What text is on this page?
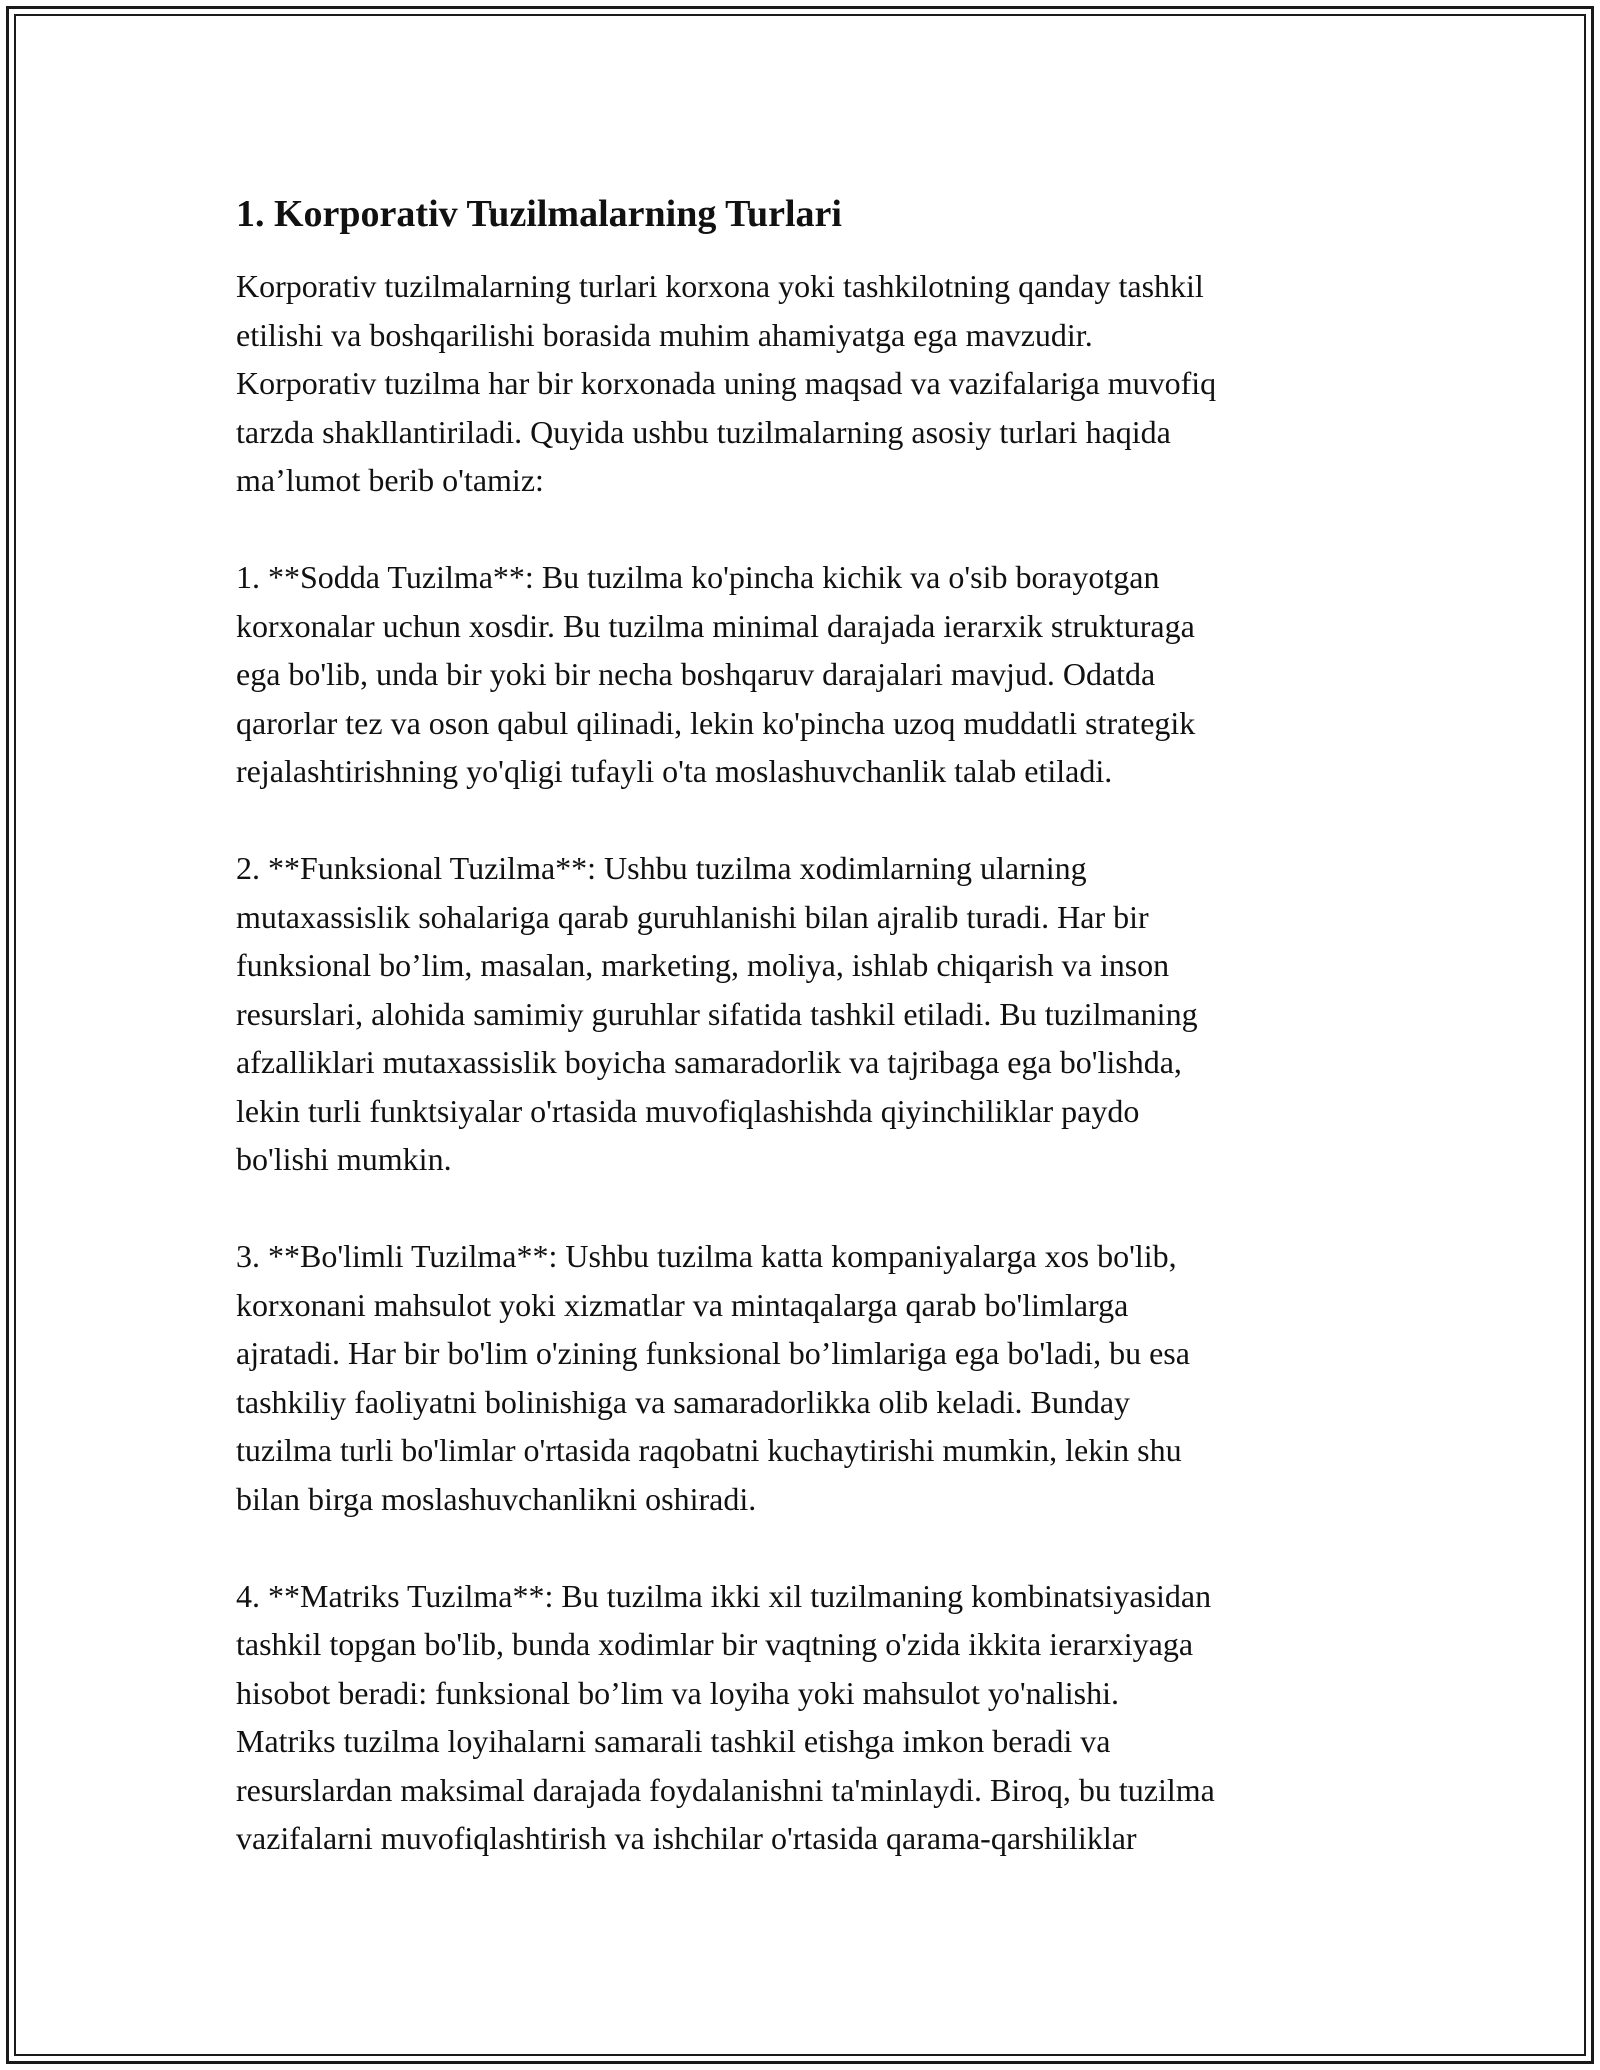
1. Korporativ Tuzilmalarning Turlari

Korporativ tuzilmalarning turlari korxona yoki tashkilotning qanday tashkil
etilishi va boshqarilishi borasida muhim ahamiyatga ega mavzudir.
Korporativ tuzilma har bir korxonada uning maqsad va vazifalariga muvofiq
tarzda shakllantiriladi. Quyida ushbu tuzilmalarning asosiy turlari haqida
ma’lumot berib o'tamiz:

1. **Sodda Tuzilma**: Bu tuzilma ko'pincha kichik va o'sib borayotgan
korxonalar uchun xosdir. Bu tuzilma minimal darajada ierarxik strukturaga
ega bo'lib, unda bir yoki bir necha boshqaruv darajalari mavjud. Odatda
qarorlar tez va oson qabul qilinadi, lekin ko'pincha uzoq muddatli strategik
rejalashtirishning yo'qligi tufayli o'ta moslashuvchanlik talab etiladi.

2. **Funksional Tuzilma**: Ushbu tuzilma xodimlarning ularning
mutaxassislik sohalariga qarab guruhlanishi bilan ajralib turadi. Har bir
funksional bo’lim, masalan, marketing, moliya, ishlab chiqarish va inson
resurslari, alohida samimiy guruhlar sifatida tashkil etiladi. Bu tuzilmaning
afzalliklari mutaxassislik boyicha samaradorlik va tajribaga ega bo'lishda,
lekin turli funktsiyalar o'rtasida muvofiqlashishda qiyinchiliklar paydo
bo'lishi mumkin.

3. **Bo'limli Tuzilma**: Ushbu tuzilma katta kompaniyalarga xos bo'lib,
korxonani mahsulot yoki xizmatlar va mintaqalarga qarab bo'limlarga
ajratadi. Har bir bo'lim o'zining funksional bo’limlariga ega bo'ladi, bu esa
tashkiliy faoliyatni bolinishiga va samaradorlikka olib keladi. Bunday
tuzilma turli bo'limlar o'rtasida raqobatni kuchaytirishi mumkin, lekin shu
bilan birga moslashuvchanlikni oshiradi.

4. **Matriks Tuzilma**: Bu tuzilma ikki xil tuzilmaning kombinatsiyasidan
tashkil topgan bo'lib, bunda xodimlar bir vaqtning o'zida ikkita ierarxiyaga
hisobot beradi: funksional bo’lim va loyiha yoki mahsulot yo'nalishi.
Matriks tuzilma loyihalarni samarali tashkil etishga imkon beradi va
resurslardan maksimal darajada foydalanishni ta'minlaydi. Biroq, bu tuzilma
vazifalarni muvofiqlashtirish va ishchilar o'rtasida qarama-qarshiliklar
